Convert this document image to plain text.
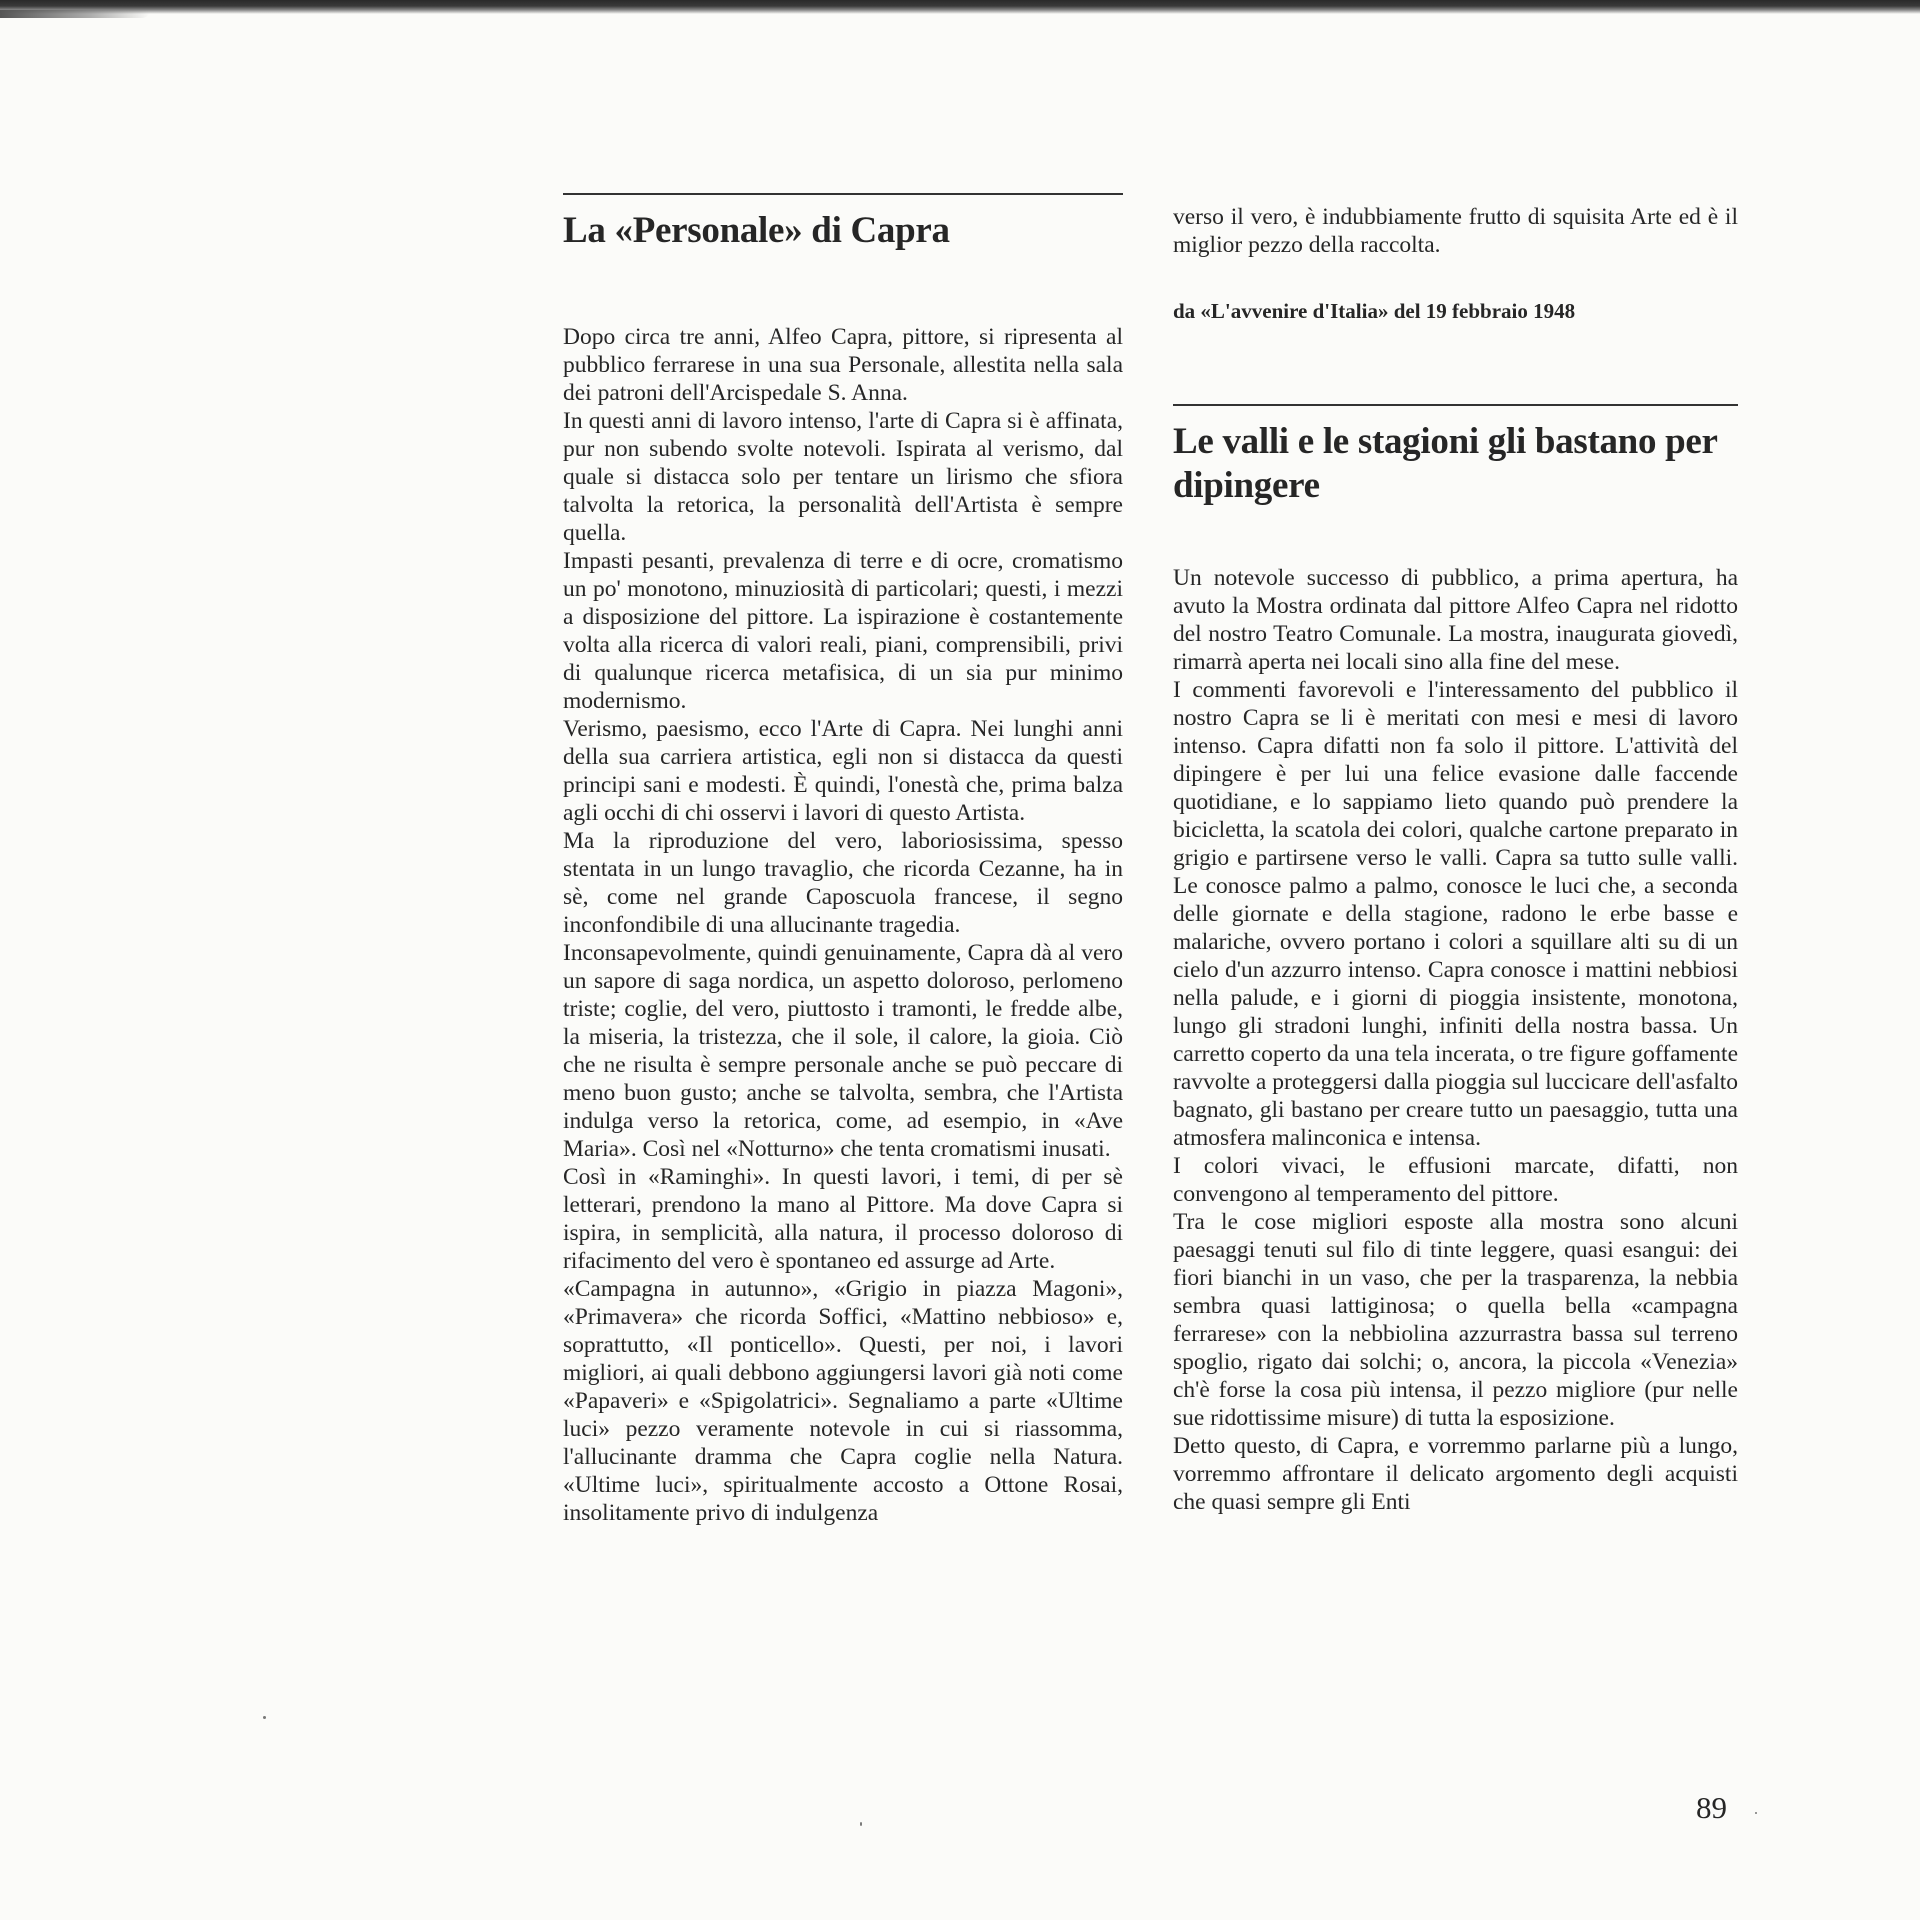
La «Personale» di Capra

Dopo circa tre anni, Alfeo Capra, pittore, si ripresenta al pubblico ferrarese in una sua Personale, allestita nella sala dei patroni dell'Arcispedale S. Anna.

In questi anni di lavoro intenso, l'arte di Capra si è affinata, pur non subendo svolte notevoli. Ispirata al verismo, dal quale si distacca solo per tentare un lirismo che sfiora talvolta la retorica, la personalità dell'Artista è sempre quella.

Impasti pesanti, prevalenza di terre e di ocre, cromatismo un po' monotono, minuziosità di particolari; questi, i mezzi a disposizione del pittore. La ispirazione è costantemente volta alla ricerca di valori reali, piani, comprensibili, privi di qualunque ricerca metafisica, di un sia pur minimo modernismo.

Verismo, paesismo, ecco l'Arte di Capra. Nei lunghi anni della sua carriera artistica, egli non si distacca da questi principi sani e modesti. È quindi, l'onestà che, prima balza agli occhi di chi osservi i lavori di questo Artista.

Ma la riproduzione del vero, laboriosissima, spesso stentata in un lungo travaglio, che ricorda Cezanne, ha in sè, come nel grande Caposcuola francese, il segno inconfondibile di una allucinante tragedia.

Inconsapevolmente, quindi genuinamente, Capra dà al vero un sapore di saga nordica, un aspetto doloroso, perlomeno triste; coglie, del vero, piuttosto i tramonti, le fredde albe, la miseria, la tristezza, che il sole, il calore, la gioia. Ciò che ne risulta è sempre personale anche se può peccare di meno buon gusto; anche se talvolta, sembra, che l'Artista indulga verso la retorica, come, ad esempio, in «Ave Maria». Così nel «Notturno» che tenta cromatismi inusati.

Così in «Raminghi». In questi lavori, i temi, di per sè letterari, prendono la mano al Pittore. Ma dove Capra si ispira, in semplicità, alla natura, il processo doloroso di rifacimento del vero è spontaneo ed assurge ad Arte.

«Campagna in autunno», «Grigio in piazza Magoni», «Primavera» che ricorda Soffici, «Mattino nebbioso» e, soprattutto, «Il ponticello». Questi, per noi, i lavori migliori, ai quali debbono aggiungersi lavori già noti come «Papaveri» e «Spigolatrici». Segnaliamo a parte «Ultime luci» pezzo veramente notevole in cui si riassomma, l'allucinante dramma che Capra coglie nella Natura. «Ultime luci», spiritualmente accosto a Ottone Rosai, insolitamente privo di indulgenza

verso il vero, è indubbiamente frutto di squisita Arte ed è il miglior pezzo della raccolta.

da «L'avvenire d'Italia» del 19 febbraio 1948
Le valli e le stagioni gli bastano per dipingere

Un notevole successo di pubblico, a prima apertura, ha avuto la Mostra ordinata dal pittore Alfeo Capra nel ridotto del nostro Teatro Comunale. La mostra, inaugurata giovedì, rimarrà aperta nei locali sino alla fine del mese.

I commenti favorevoli e l'interessamento del pubblico il nostro Capra se li è meritati con mesi e mesi di lavoro intenso. Capra difatti non fa solo il pittore. L'attività del dipingere è per lui una felice evasione dalle faccende quotidiane, e lo sappiamo lieto quando può prendere la bicicletta, la scatola dei colori, qualche cartone preparato in grigio e partirsene verso le valli. Capra sa tutto sulle valli. Le conosce palmo a palmo, conosce le luci che, a seconda delle giornate e della stagione, radono le erbe basse e malariche, ovvero portano i colori a squillare alti su di un cielo d'un azzurro intenso. Capra conosce i mattini nebbiosi nella palude, e i giorni di pioggia insistente, monotona, lungo gli stradoni lunghi, infiniti della nostra bassa. Un carretto coperto da una tela incerata, o tre figure goffamente ravvolte a proteggersi dalla pioggia sul luccicare dell'asfalto bagnato, gli bastano per creare tutto un paesaggio, tutta una atmosfera malinconica e intensa.

I colori vivaci, le effusioni marcate, difatti, non convengono al temperamento del pittore.

Tra le cose migliori esposte alla mostra sono alcuni paesaggi tenuti sul filo di tinte leggere, quasi esangui: dei fiori bianchi in un vaso, che per la trasparenza, la nebbia sembra quasi lattiginosa; o quella bella «campagna ferrarese» con la nebbiolina azzurrastra bassa sul terreno spoglio, rigato dai solchi; o, ancora, la piccola «Venezia» ch'è forse la cosa più intensa, il pezzo migliore (pur nelle sue ridottissime misure) di tutta la esposizione.

Detto questo, di Capra, e vorremmo parlarne più a lungo, vorremmo affrontare il delicato argomento degli acquisti che quasi sempre gli Enti

89
